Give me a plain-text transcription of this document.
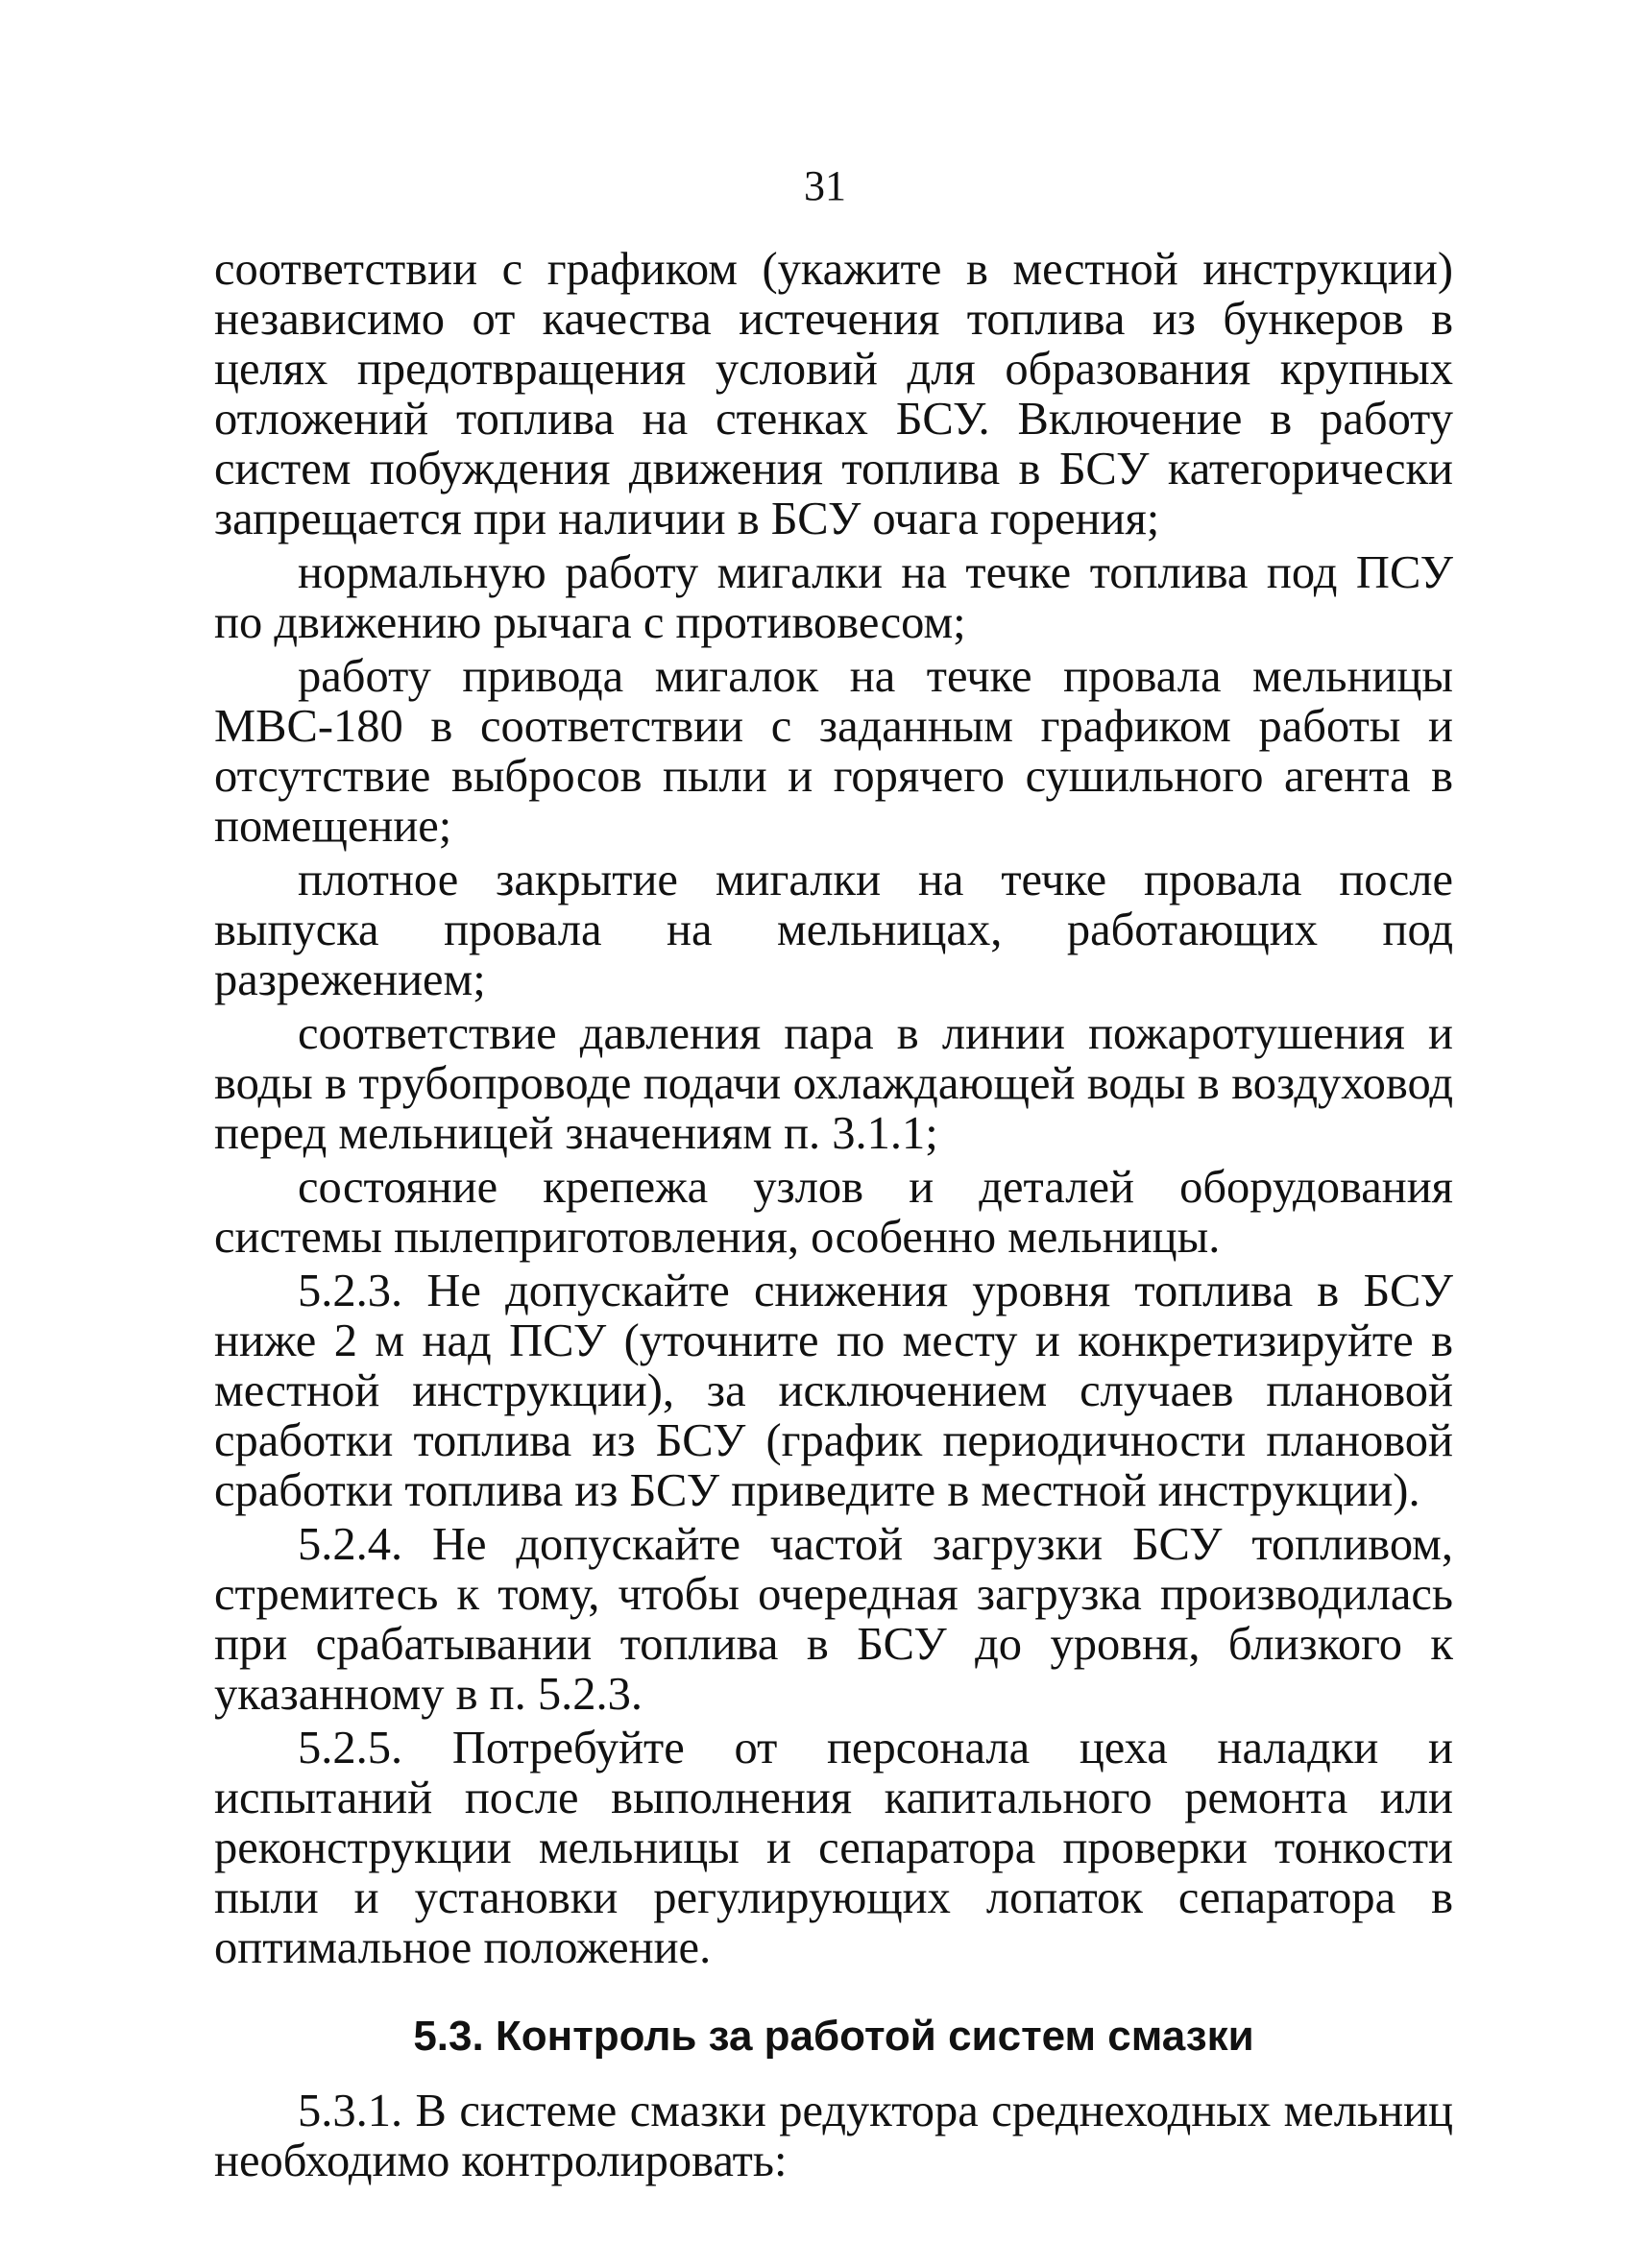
31

соответствии с графиком (укажите в местной инструкции) независимо от качества истечения топлива из бункеров в целях предотвращения условий для образования крупных отложений топлива на стенках БСУ. Включение в работу систем побуждения движения топлива в БСУ категорически запрещается при наличии в БСУ очага горения;

нормальную работу мигалки на течке топлива под ПСУ по движению рычага с противовесом;

работу привода мигалок на течке провала мельницы МВС-180 в соответствии с заданным графиком работы и отсутствие выбросов пыли и горячего сушильного агента в помещение;

плотное закрытие мигалки на течке провала после выпуска провала на мельницах, работающих под разрежением;

соответствие давления пара в линии пожаротушения и воды в трубопроводе подачи охлаждающей воды в воздуховод перед мельницей значениям п. 3.1.1;

состояние крепежа узлов и деталей оборудования системы пылеприготовления, особенно мельницы.

5.2.3. Не допускайте снижения уровня топлива в БСУ ниже 2 м над ПСУ (уточните по месту и конкретизируйте в местной инструкции), за исключением случаев плановой сработки топлива из БСУ (график периодичности плановой сработки топлива из БСУ приведите в местной инструкции).

5.2.4. Не допускайте частой загрузки БСУ топливом, стремитесь к тому, чтобы очередная загрузка производилась при срабатывании топлива в БСУ до уровня, близкого к указанному в п. 5.2.3.

5.2.5. Потребуйте от персонала цеха наладки и испытаний после выполнения капитального ремонта или реконструкции мельницы и сепаратора проверки тонкости пыли и установки регулирующих лопаток сепаратора в оптимальное положение.

5.3. Контроль за работой систем смазки

5.3.1. В системе смазки редуктора среднеходных мельниц необходимо контролировать:
